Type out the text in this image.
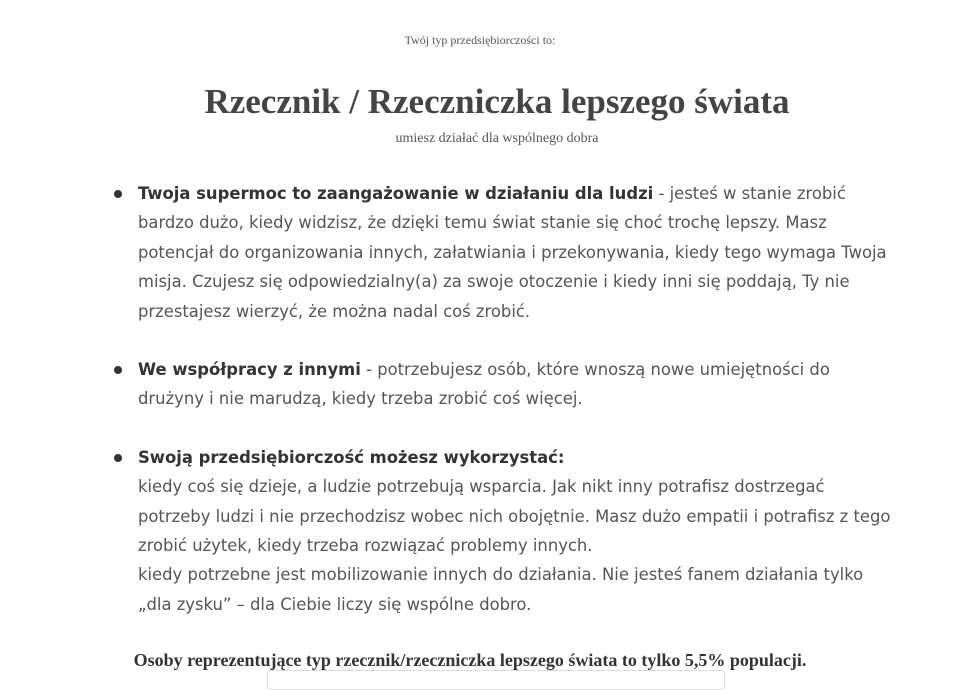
Twój typ przedsiębiorczości to:
Rzecznik / Rzeczniczka lepszego świata
umiesz działać dla wspólnego dobra
Twoja supermoc to zaangażowanie w działaniu dla ludzi - jesteś w stanie zrobić bardzo dużo, kiedy widzisz, że dzięki temu świat stanie się choć trochę lepszy. Masz potencjał do organizowania innych, załatwiania i przekonywania, kiedy tego wymaga Twoja misja. Czujesz się odpowiedzialny(a) za swoje otoczenie i kiedy inni się poddają, Ty nie przestajesz wierzyć, że można nadal coś zrobić.
We współpracy z innymi - potrzebujesz osób, które wnoszą nowe umiejętności do drużyny i nie marudzą, kiedy trzeba zrobić coś więcej.
Swoją przedsiębiorczość możesz wykorzystać:
kiedy coś się dzieje, a ludzie potrzebują wsparcia. Jak nikt inny potrafisz dostrzegać potrzeby ludzi i nie przechodzisz wobec nich obojętnie. Masz dużo empatii i potrafisz z tego zrobić użytek, kiedy trzeba rozwiązać problemy innych.
kiedy potrzebne jest mobilizowanie innych do działania. Nie jesteś fanem działania tylko „dla zysku” – dla Ciebie liczy się wspólne dobro.
Osoby reprezentujące typ rzecznik/rzeczniczka lepszego świata to tylko 5,5% populacji.
